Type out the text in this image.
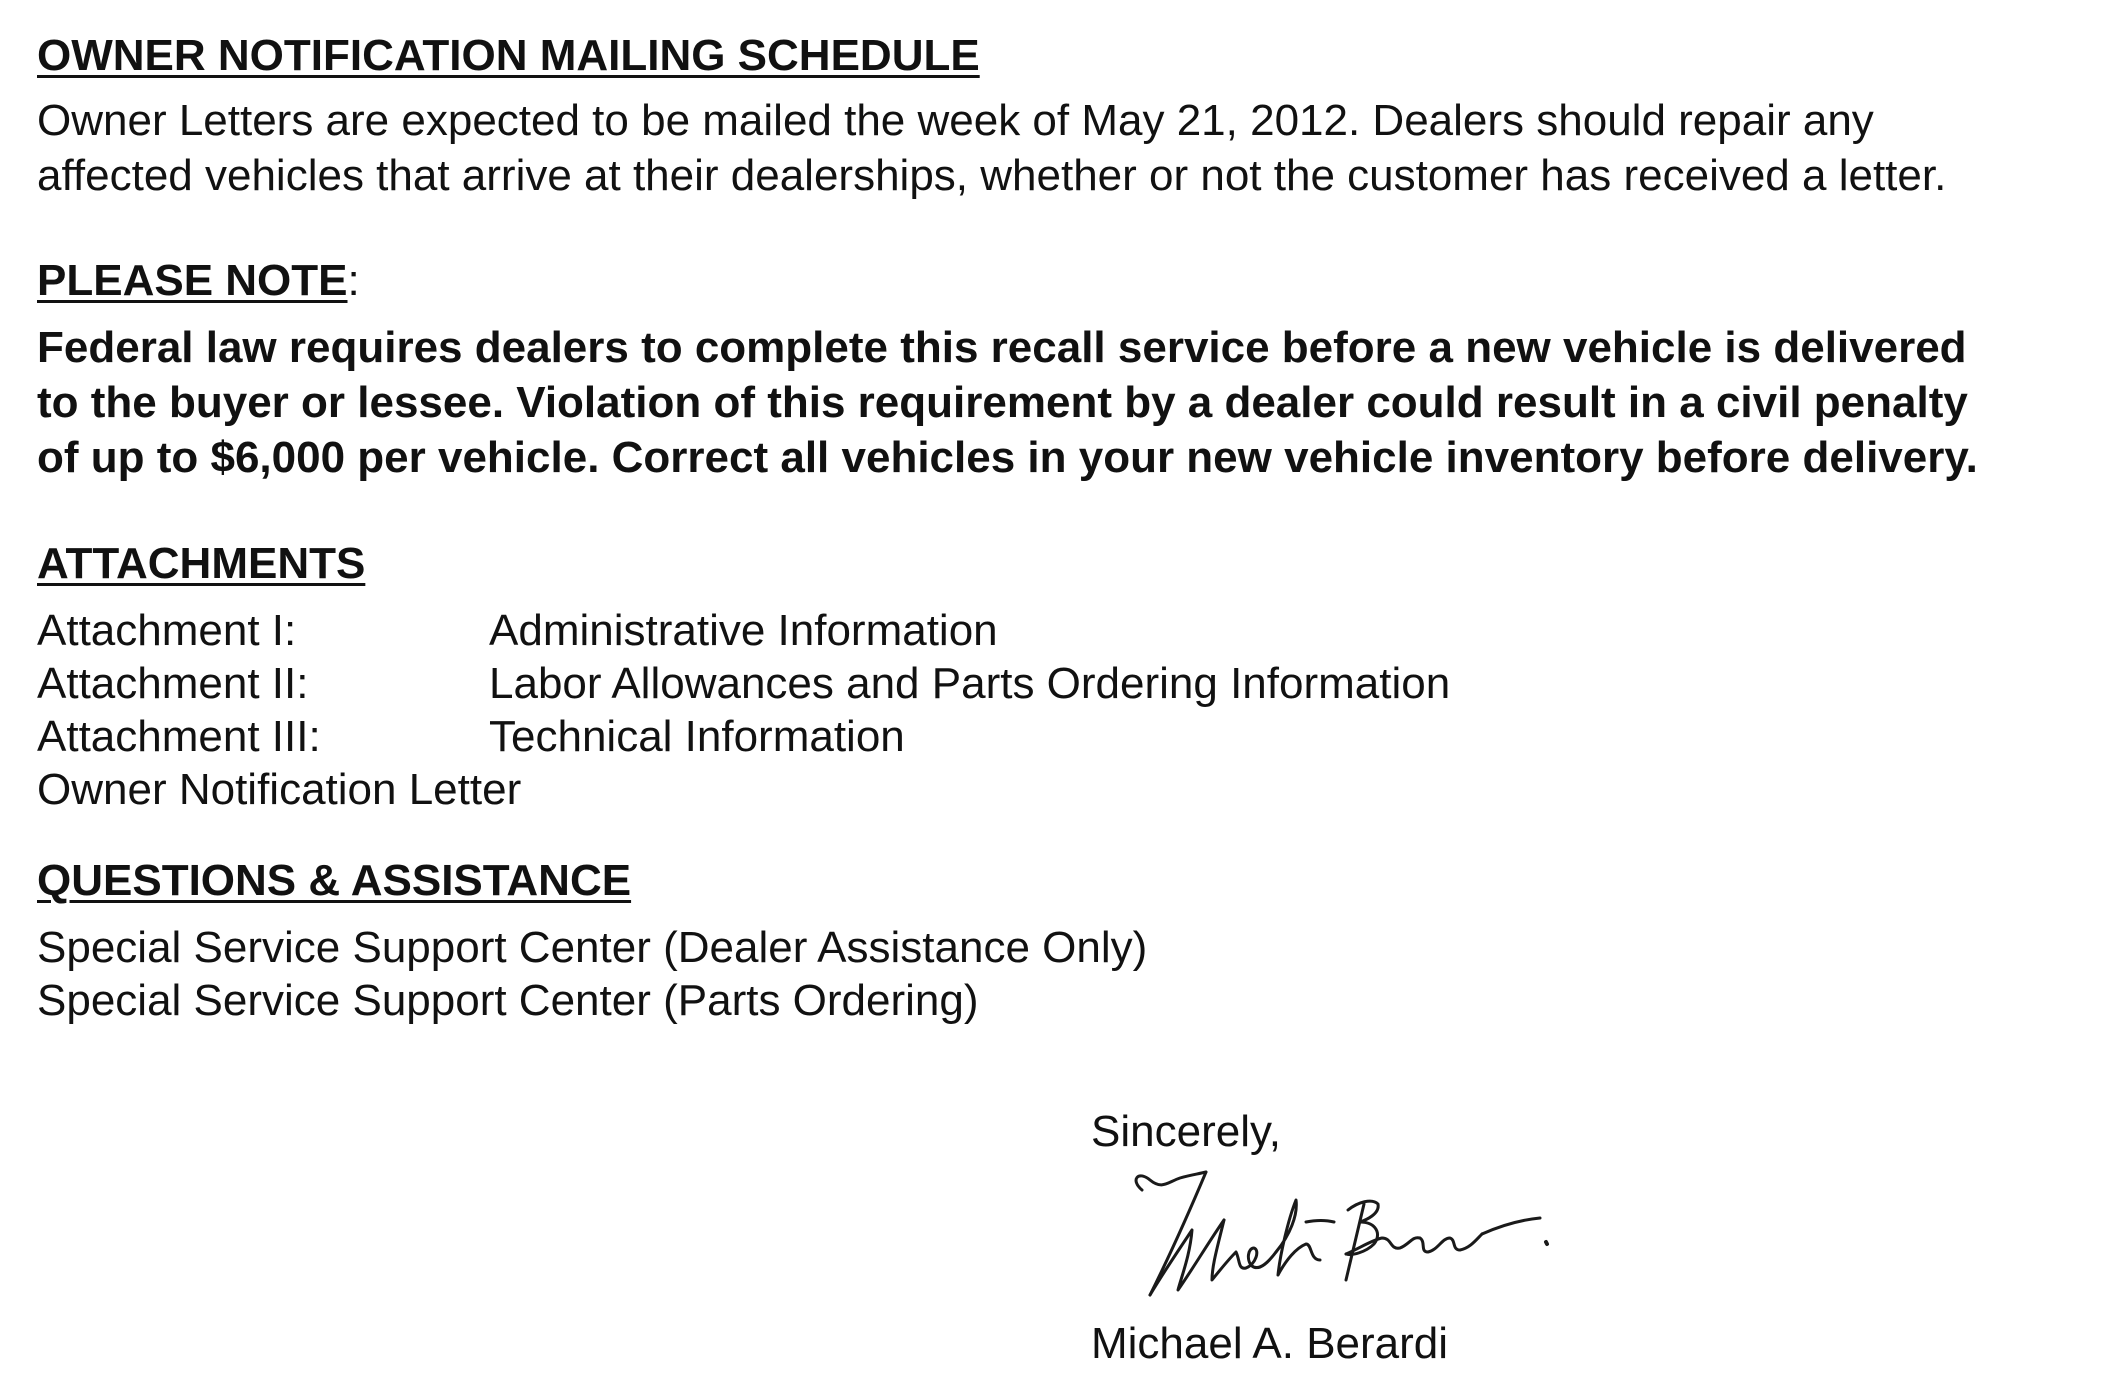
OWNER NOTIFICATION MAILING SCHEDULE
Owner Letters are expected to be mailed the week of May 21, 2012. Dealers should repair any
affected vehicles that arrive at their dealerships, whether or not the customer has received a letter.
PLEASE NOTE:
Federal law requires dealers to complete this recall service before a new vehicle is delivered
to the buyer or lessee. Violation of this requirement by a dealer could result in a civil penalty
of up to $6,000 per vehicle. Correct all vehicles in your new vehicle inventory before delivery.
ATTACHMENTS
Attachment I:	Administrative Information
Attachment II:	Labor Allowances and Parts Ordering Information
Attachment III:	Technical Information
Owner Notification Letter
QUESTIONS & ASSISTANCE
Special Service Support Center (Dealer Assistance Only)
Special Service Support Center (Parts Ordering)
Sincerely,
Michael A. Berardi
